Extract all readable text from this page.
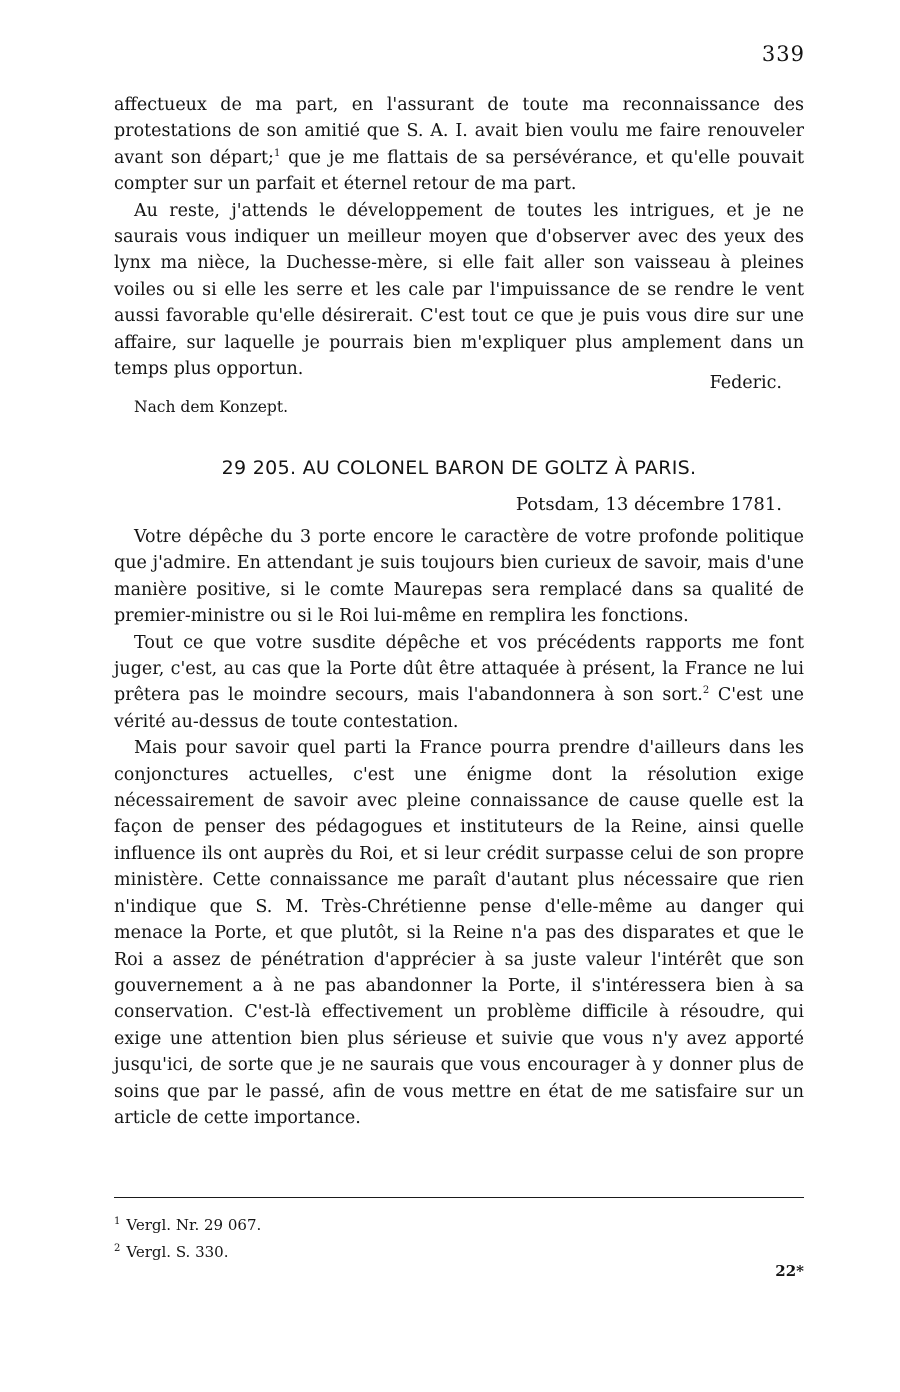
339

affectueux de ma part, en l'assurant de toute ma reconnaissance des protestations de son amitié que S. A. I. avait bien voulu me faire renouveler avant son départ;$^1$ que je me flattais de sa persévérance, et qu'elle pouvait compter sur un parfait et éternel retour de ma part.

Au reste, j'attends le développement de toutes les intrigues, et je ne saurais vous indiquer un meilleur moyen que d'observer avec des yeux des lynx ma nièce, la Duchesse-mère, si elle fait aller son vaisseau à pleines voiles ou si elle les serre et les cale par l'impuissance de se rendre le vent aussi favorable qu'elle désirerait. C'est tout ce que je puis vous dire sur une affaire, sur laquelle je pourrais bien m'expliquer plus amplement dans un temps plus opportun.

Federic.
Nach dem Konzept.
29 205. AU COLONEL BARON DE GOLTZ À PARIS.
Potsdam, 13 décembre 1781.

Votre dépêche du 3 porte encore le caractère de votre profonde politique que j'admire. En attendant je suis toujours bien curieux de savoir, mais d'une manière positive, si le comte Maurepas sera remplacé dans sa qualité de premier-ministre ou si le Roi lui-même en remplira les fonctions.

Tout ce que votre susdite dépêche et vos précédents rapports me font juger, c'est, au cas que la Porte dût être attaquée à présent, la France ne lui prêtera pas le moindre secours, mais l'abandonnera à son sort.$^2$ C'est une vérité au-dessus de toute contestation.

Mais pour savoir quel parti la France pourra prendre d'ailleurs dans les conjonctures actuelles, c'est une énigme dont la résolution exige nécessairement de savoir avec pleine connaissance de cause quelle est la façon de penser des pédagogues et instituteurs de la Reine, ainsi quelle influence ils ont auprès du Roi, et si leur crédit surpasse celui de son propre ministère. Cette connaissance me paraît d'autant plus nécessaire que rien n'indique que S. M. Très-Chrétienne pense d'elle-même au danger qui menace la Porte, et que plutôt, si la Reine n'a pas des disparates et que le Roi a assez de pénétration d'apprécier à sa juste valeur l'intérêt que son gouvernement a à ne pas abandonner la Porte, il s'intéressera bien à sa conservation. C'est-là effectivement un problème difficile à résoudre, qui exige une attention bien plus sérieuse et suivie que vous n'y avez apporté jusqu'ici, de sorte que je ne saurais que vous encourager à y donner plus de soins que par le passé, afin de vous mettre en état de me satisfaire sur un article de cette importance.

$^1$ Vergl. Nr. 29 067.

$^2$ Vergl. S. 330.

22*
